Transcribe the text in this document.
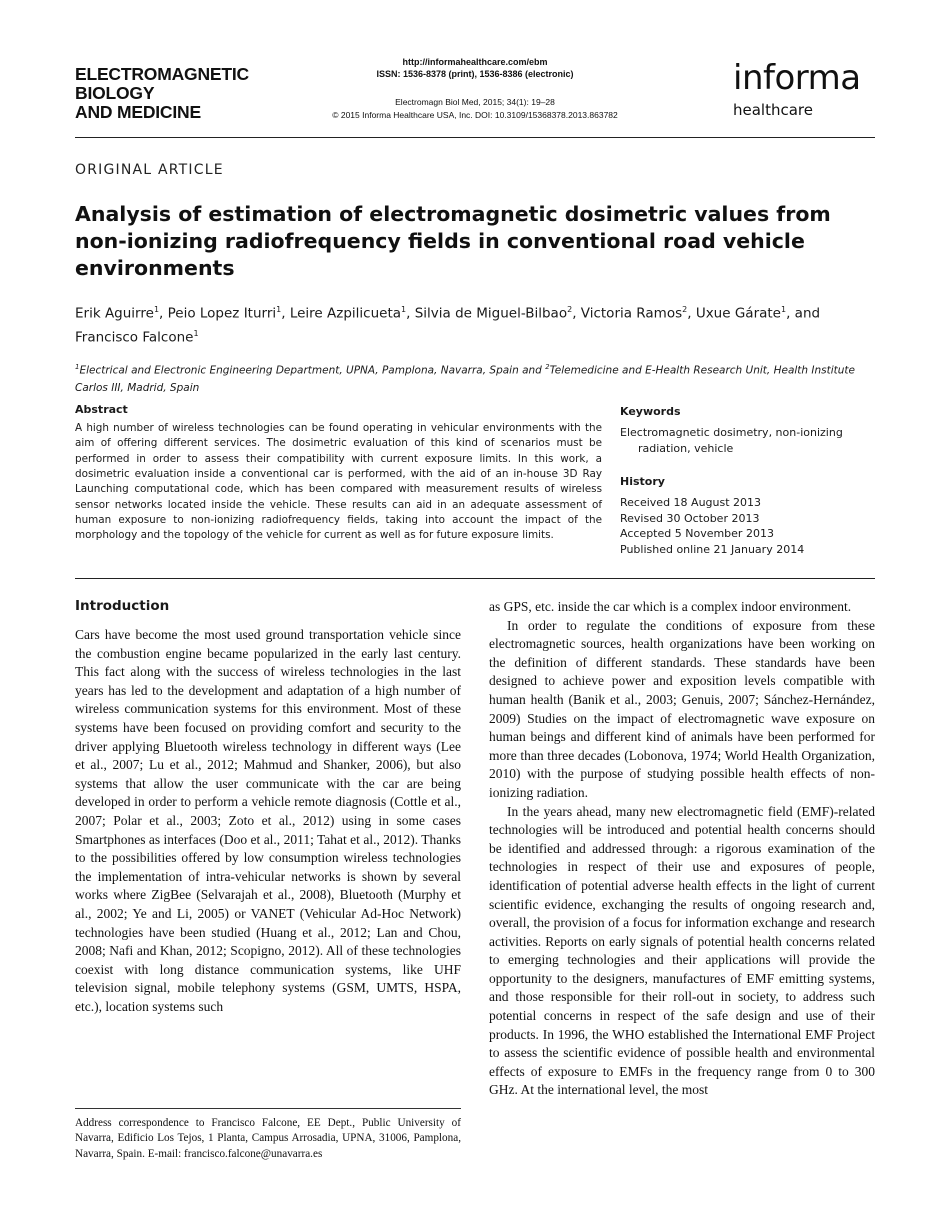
ELECTROMAGNETIC
BIOLOGY
AND MEDICINE
http://informahealthcare.com/ebm
ISSN: 1536-8378 (print), 1536-8386 (electronic)
Electromagn Biol Med, 2015; 34(1): 19–28
© 2015 Informa Healthcare USA, Inc. DOI: 10.3109/15368378.2013.863782
informa
healthcare
ORIGINAL ARTICLE
Analysis of estimation of electromagnetic dosimetric values from non-ionizing radiofrequency fields in conventional road vehicle environments

Erik Aguirre$^1$, Peio Lopez Iturri$^1$, Leire Azpilicueta$^1$, Silvia de Miguel-Bilbao$^2$, Victoria Ramos$^2$, Uxue Gárate$^1$, and Francisco Falcone$^1$

$^1$Electrical and Electronic Engineering Department, UPNA, Pamplona, Navarra, Spain and $^2$Telemedicine and E-Health Research Unit, Health Institute Carlos III, Madrid, Spain

Abstract

A high number of wireless technologies can be found operating in vehicular environments with the aim of offering different services. The dosimetric evaluation of this kind of scenarios must be performed in order to assess their compatibility with current exposure limits. In this work, a dosimetric evaluation inside a conventional car is performed, with the aid of an in-house 3D Ray Launching computational code, which has been compared with measurement results of wireless sensor networks located inside the vehicle. These results can aid in an adequate assessment of human exposure to non-ionizing radiofrequency fields, taking into account the impact of the morphology and the topology of the vehicle for current as well as for future exposure limits.

Keywords
Electromagnetic dosimetry, non-ionizing
radiation, vehicle
History
Received 18 August 2013
Revised 30 October 2013
Accepted 5 November 2013
Published online 21 January 2014
Introduction

Cars have become the most used ground transportation vehicle since the combustion engine became popularized in the early last century. This fact along with the success of wireless technologies in the last years has led to the development and adaptation of a high number of wireless communication systems for this environment. Most of these systems have been focused on providing comfort and security to the driver applying Bluetooth wireless technology in different ways (Lee et al., 2007; Lu et al., 2012; Mahmud and Shanker, 2006), but also systems that allow the user communicate with the car are being developed in order to perform a vehicle remote diagnosis (Cottle et al., 2007; Polar et al., 2003; Zoto et al., 2012) using in some cases Smartphones as interfaces (Doo et al., 2011; Tahat et al., 2012). Thanks to the possibilities offered by low consumption wireless technologies the implementation of intra-vehicular networks is shown by several works where ZigBee (Selvarajah et al., 2008), Bluetooth (Murphy et al., 2002; Ye and Li, 2005) or VANET (Vehicular Ad-Hoc Network) technologies have been studied (Huang et al., 2012; Lan and Chou, 2008; Nafi and Khan, 2012; Scopigno, 2012). All of these technologies coexist with long distance communication systems, like UHF television signal, mobile telephony systems (GSM, UMTS, HSPA, etc.), location systems such

Address correspondence to Francisco Falcone, EE Dept., Public University of Navarra, Edificio Los Tejos, 1 Planta, Campus Arrosadia, UPNA, 31006, Pamplona, Navarra, Spain. E-mail: francisco.falcone@unavarra.es

as GPS, etc. inside the car which is a complex indoor environment.

In order to regulate the conditions of exposure from these electromagnetic sources, health organizations have been working on the definition of different standards. These standards have been designed to achieve power and exposition levels compatible with human health (Banik et al., 2003; Genuis, 2007; Sánchez-Hernández, 2009) Studies on the impact of electromagnetic wave exposure on human beings and different kind of animals have been performed for more than three decades (Lobonova, 1974; World Health Organization, 2010) with the purpose of studying possible health effects of non-ionizing radiation.

In the years ahead, many new electromagnetic field (EMF)-related technologies will be introduced and potential health concerns should be identified and addressed through: a rigorous examination of the technologies in respect of their use and exposures of people, identification of potential adverse health effects in the light of current scientific evidence, exchanging the results of ongoing research and, overall, the provision of a focus for information exchange and research activities. Reports on early signals of potential health concerns related to emerging technologies and their applications will provide the opportunity to the designers, manufactures of EMF emitting systems, and those responsible for their roll-out in society, to address such potential concerns in respect of the safe design and use of their products. In 1996, the WHO established the International EMF Project to assess the scientific evidence of possible health and environmental effects of exposure to EMFs in the frequency range from 0 to 300 GHz. At the international level, the most
